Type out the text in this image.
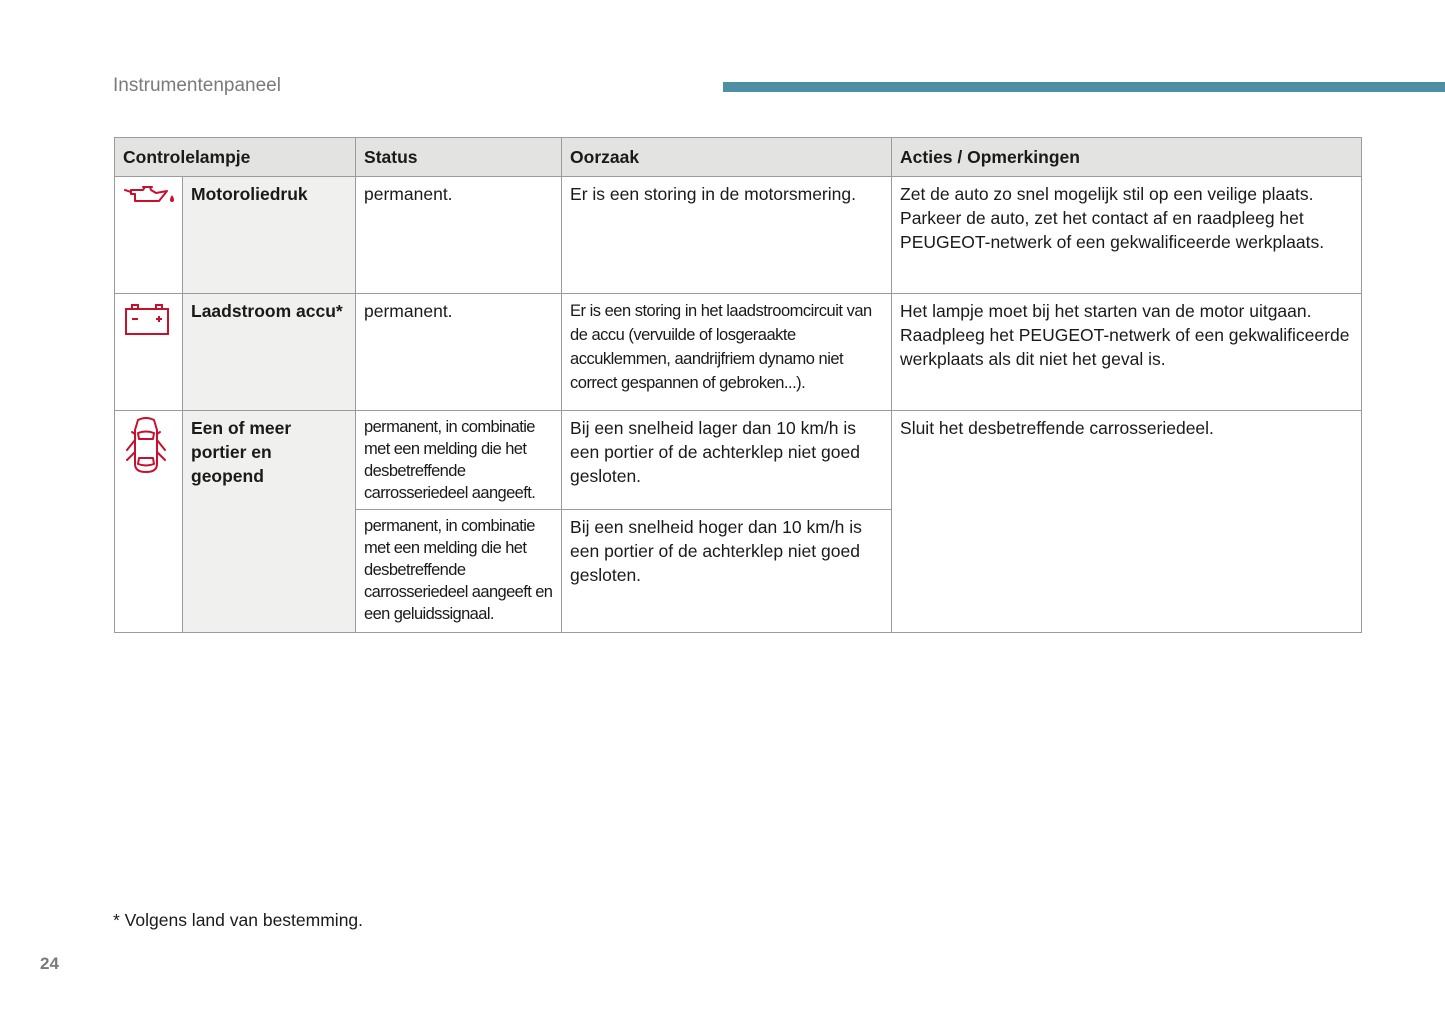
Instrumentenpaneel
Controlelampje		Status	Oorzaak	Acties / Opmerkingen
	Motoroliedruk	permanent.	Er is een storing in de motorsmering.	Zet de auto zo snel mogelijk stil op een veilige plaats. Parkeer de auto, zet het contact af en raadpleeg het PEUGEOT-netwerk of een gekwalificeerde werkplaats.
	Laadstroom accu*	permanent.	Er is een storing in het laadstroomcircuit van de accu (vervuilde of losgeraakte accuklemmen, aandrijfriem dynamo niet correct gespannen of gebroken...).	Het lampje moet bij het starten van de motor uitgaan. Raadpleeg het PEUGEOT-netwerk of een gekwalificeerde werkplaats als dit niet het geval is.
	Een of meer portier en geopend	permanent, in combinatie met een melding die het desbetreffende carrosseriedeel aangeeft.	Bij een snelheid lager dan 10 km/h is een portier of de achterklep niet goed gesloten.	Sluit het desbetreffende carrosseriedeel.
		permanent, in combinatie met een melding die het desbetreffende carrosseriedeel aangeeft en een geluidssignaal.	Bij een snelheid hoger dan 10 km/h is een portier of de achterklep niet goed gesloten.	
* Volgens land van bestemming.
24
